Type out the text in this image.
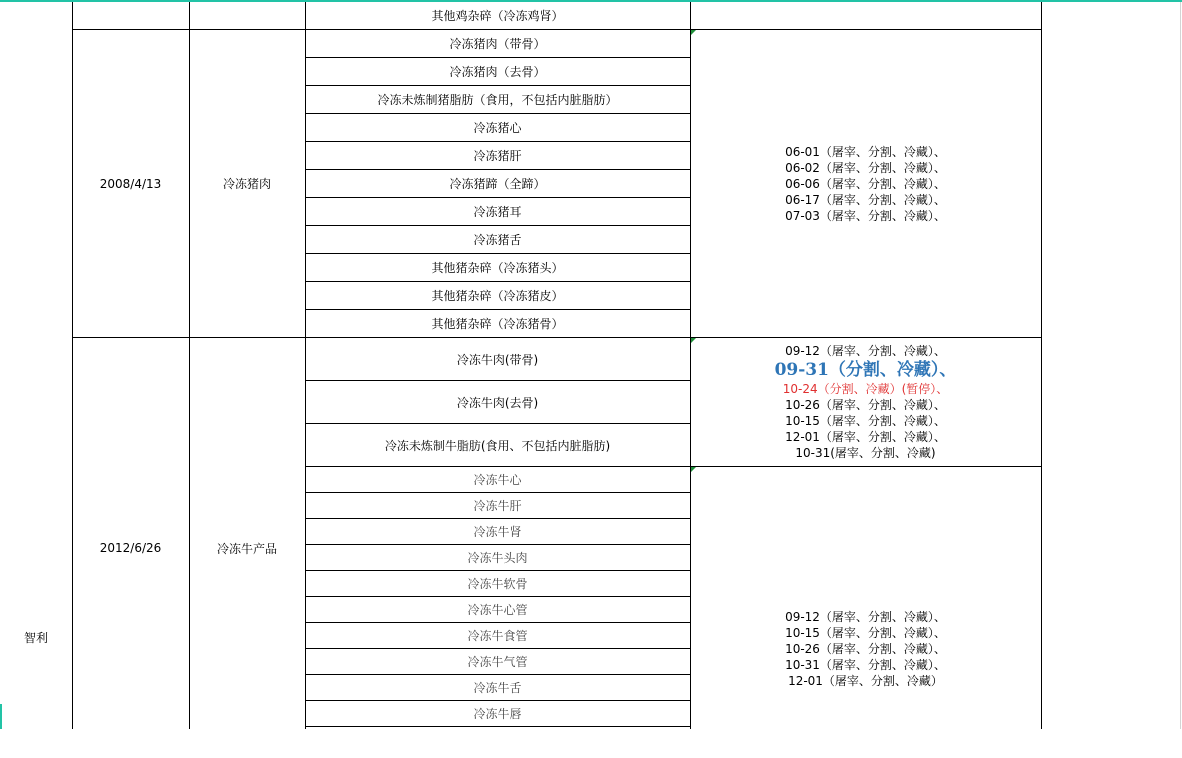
智利
其他鸡杂碎（冷冻鸡肾）
2008/4/13	冷冻猪肉
冷冻猪肉（带骨）
冷冻猪肉（去骨）
冷冻未炼制猪脂肪（食用，不包括内脏脂肪）
冷冻猪心
冷冻猪肝
冷冻猪蹄（全蹄）
冷冻猪耳
冷冻猪舌
其他猪杂碎（冷冻猪头）
其他猪杂碎（冷冻猪皮）
其他猪杂碎（冷冻猪骨）
06-01（屠宰、分割、冷藏）、
06-02（屠宰、分割、冷藏）、
06-06（屠宰、分割、冷藏）、
06-17（屠宰、分割、冷藏）、
07-03（屠宰、分割、冷藏）、
2012/6/26	冷冻牛产品
冷冻牛肉(带骨)
冷冻牛肉(去骨)
冷冻未炼制牛脂肪(食用、不包括内脏脂肪)
09-12（屠宰、分割、冷藏）、
09-31（分割、冷藏）、
10-24（分割、冷藏）(暂停）、
10-26（屠宰、分割、冷藏）、
10-15（屠宰、分割、冷藏）、
12-01（屠宰、分割、冷藏）、
10-31(屠宰、分割、冷藏)
冷冻牛心
冷冻牛肝
冷冻牛肾
冷冻牛头肉
冷冻牛软骨
冷冻牛心管
冷冻牛食管
冷冻牛气管
冷冻牛舌
冷冻牛唇
09-12（屠宰、分割、冷藏）、
10-15（屠宰、分割、冷藏）、
10-26（屠宰、分割、冷藏）、
10-31（屠宰、分割、冷藏）、
12-01（屠宰、分割、冷藏）
